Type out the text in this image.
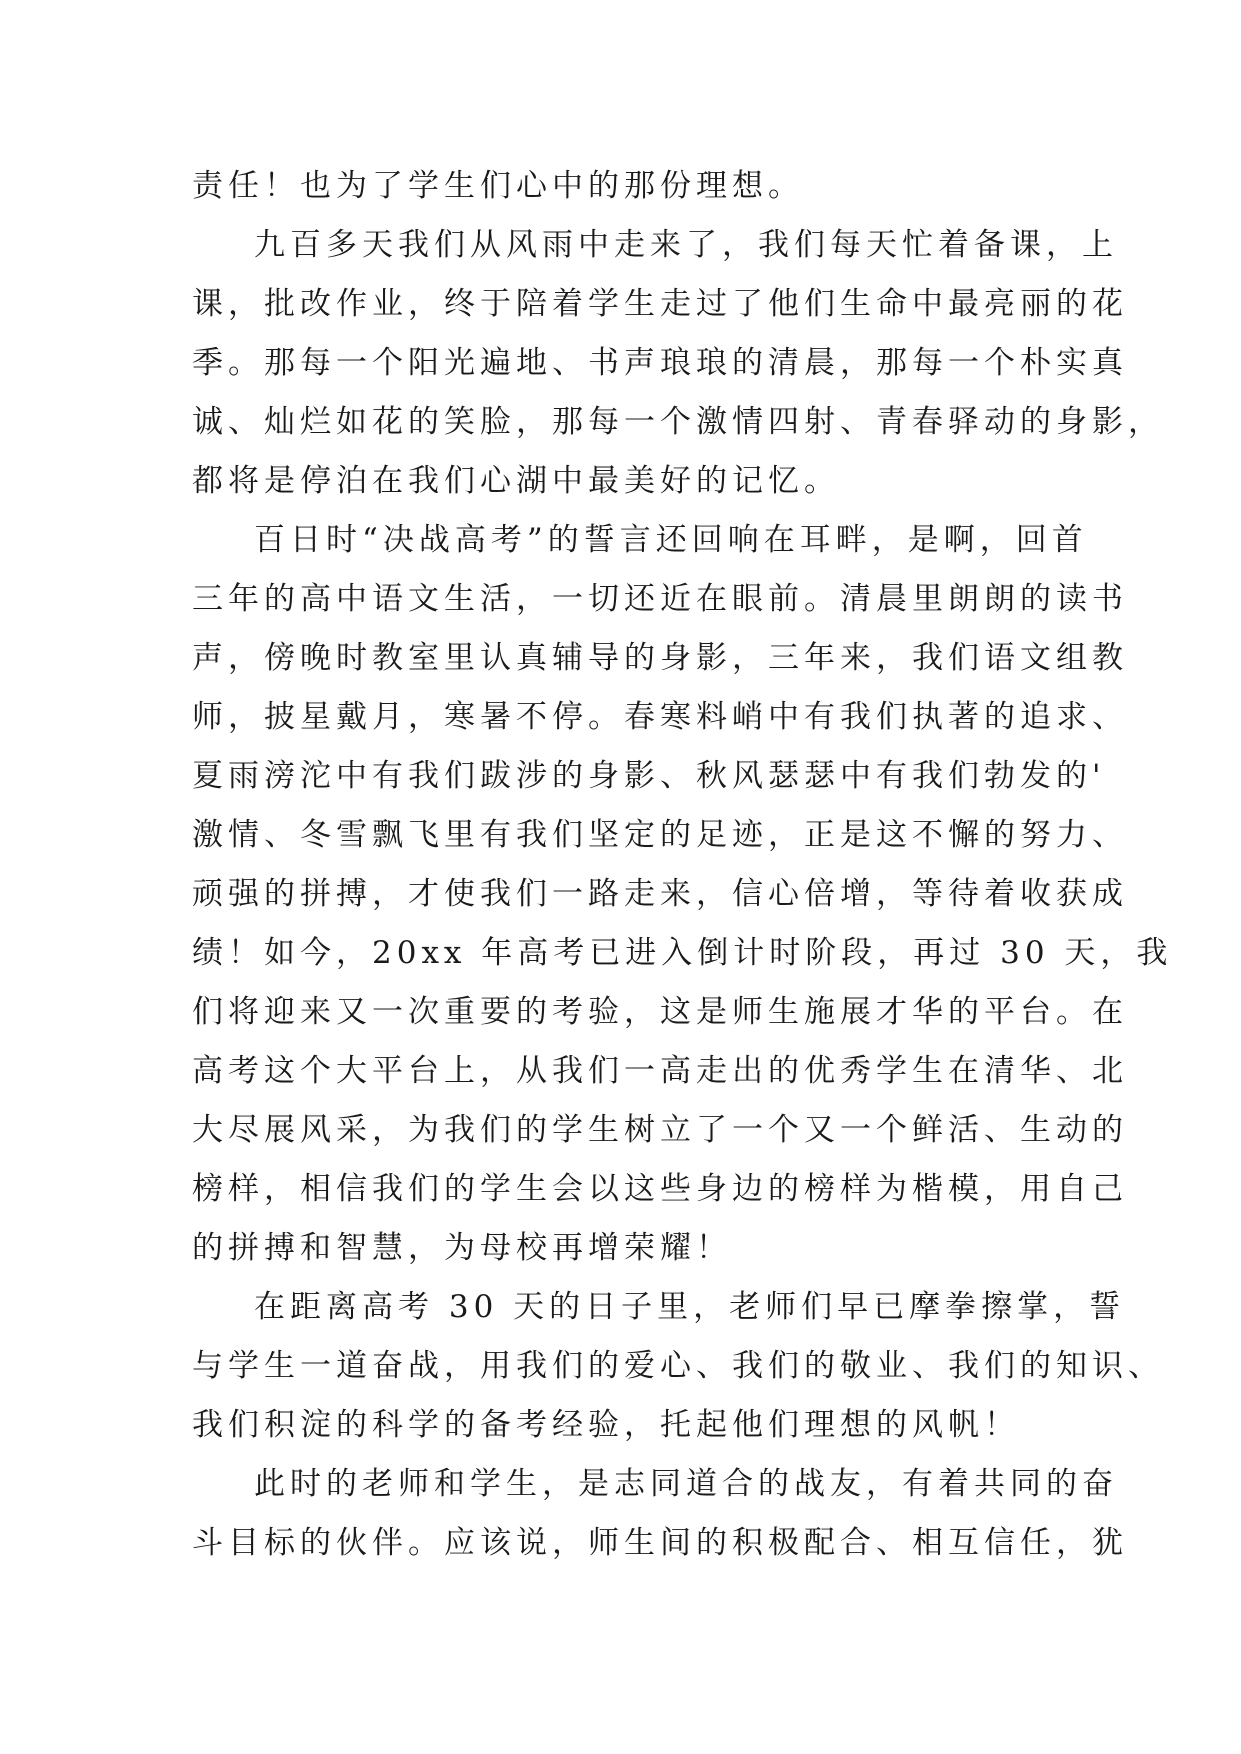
责任！也为了学生们心中的那份理想。

九百多天我们从风雨中走来了，我们每天忙着备课，上

课，批改作业，终于陪着学生走过了他们生命中最亮丽的花

季。那每一个阳光遍地、书声琅琅的清晨，那每一个朴实真

诚、灿烂如花的笑脸，那每一个激情四射、青春驿动的身影，

都将是停泊在我们心湖中最美好的记忆。

百日时“决战高考”的誓言还回响在耳畔，是啊，回首

三年的高中语文生活，一切还近在眼前。清晨里朗朗的读书

声，傍晚时教室里认真辅导的身影，三年来，我们语文组教

师，披星戴月，寒暑不停。春寒料峭中有我们执著的追求、

夏雨滂沱中有我们跋涉的身影、秋风瑟瑟中有我们勃发的'

激情、冬雪飘飞里有我们坚定的足迹，正是这不懈的努力、

顽强的拼搏，才使我们一路走来，信心倍增，等待着收获成

绩！如今，20xx 年高考已进入倒计时阶段，再过 30 天，我

们将迎来又一次重要的考验，这是师生施展才华的平台。在

高考这个大平台上，从我们一高走出的优秀学生在清华、北

大尽展风采，为我们的学生树立了一个又一个鲜活、生动的

榜样，相信我们的学生会以这些身边的榜样为楷模，用自己

的拼搏和智慧，为母校再增荣耀！

在距离高考 30 天的日子里，老师们早已摩拳擦掌，誓

与学生一道奋战，用我们的爱心、我们的敬业、我们的知识、

我们积淀的科学的备考经验，托起他们理想的风帆！

此时的老师和学生，是志同道合的战友，有着共同的奋

斗目标的伙伴。应该说，师生间的积极配合、相互信任，犹
